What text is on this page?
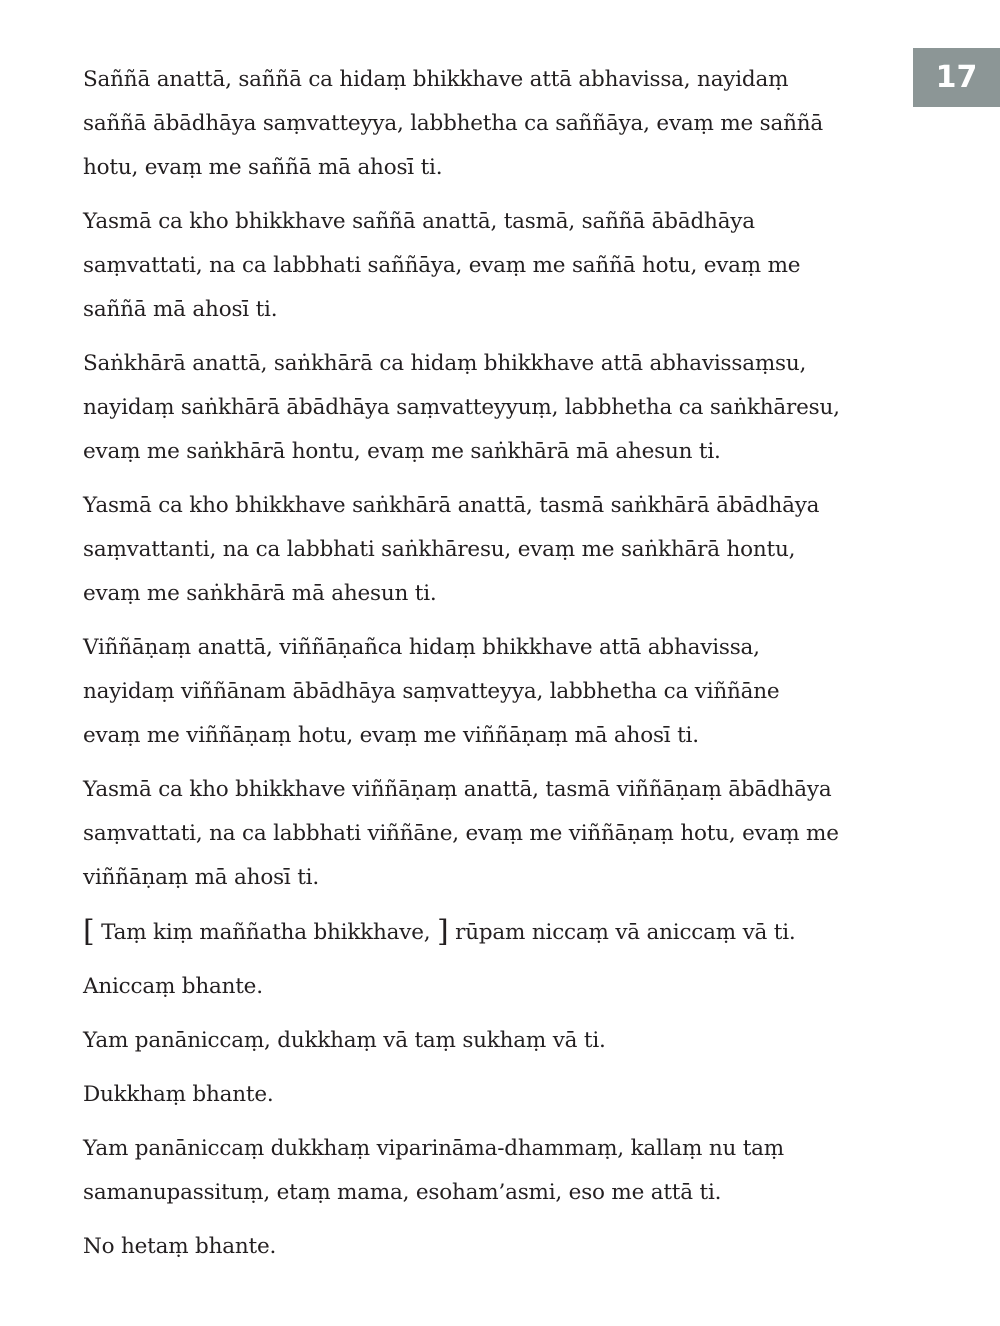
17

Saññā anattā, saññā ca hidaṃ bhikkhave attā abhavissa, nayidaṃ
saññā ābādhāya saṃvatteyya, labbhetha ca saññāya, evaṃ me saññā
hotu, evaṃ me saññā mā ahosī ti.

Yasmā ca kho bhikkhave saññā anattā, tasmā, saññā ābādhāya
saṃvattati, na ca labbhati saññāya, evaṃ me saññā hotu, evaṃ me
saññā mā ahosī ti.

Saṅkhārā anattā, saṅkhārā ca hidaṃ bhikkhave attā abhavissaṃsu,
nayidaṃ saṅkhārā ābādhāya saṃvatteyyuṃ, labbhetha ca saṅkhāresu,
evaṃ me saṅkhārā hontu, evaṃ me saṅkhārā mā ahesun ti.

Yasmā ca kho bhikkhave saṅkhārā anattā, tasmā saṅkhārā ābādhāya
saṃvattanti, na ca labbhati saṅkhāresu, evaṃ me saṅkhārā hontu,
evaṃ me saṅkhārā mā ahesun ti.

Viññāṇaṃ anattā, viññāṇañca hidaṃ bhikkhave attā abhavissa,
nayidaṃ viññānam ābādhāya saṃvatteyya, labbhetha ca viññāne
evaṃ me viññāṇaṃ hotu, evaṃ me viññāṇaṃ mā ahosī ti.

Yasmā ca kho bhikkhave viññāṇaṃ anattā, tasmā viññāṇaṃ ābādhāya
saṃvattati, na ca labbhati viññāne, evaṃ me viññāṇaṃ hotu, evaṃ me
viññāṇaṃ mā ahosī ti.

[ Taṃ kiṃ maññatha bhikkhave, ] rūpam niccaṃ vā aniccaṃ vā ti.

Aniccaṃ bhante.

Yam panāniccaṃ, dukkhaṃ vā taṃ sukhaṃ vā ti.

Dukkhaṃ bhante.

Yam panāniccaṃ dukkhaṃ viparināma-dhammaṃ, kallaṃ nu taṃ
samanupassituṃ, etaṃ mama, esoham’asmi, eso me attā ti.

No hetaṃ bhante.
